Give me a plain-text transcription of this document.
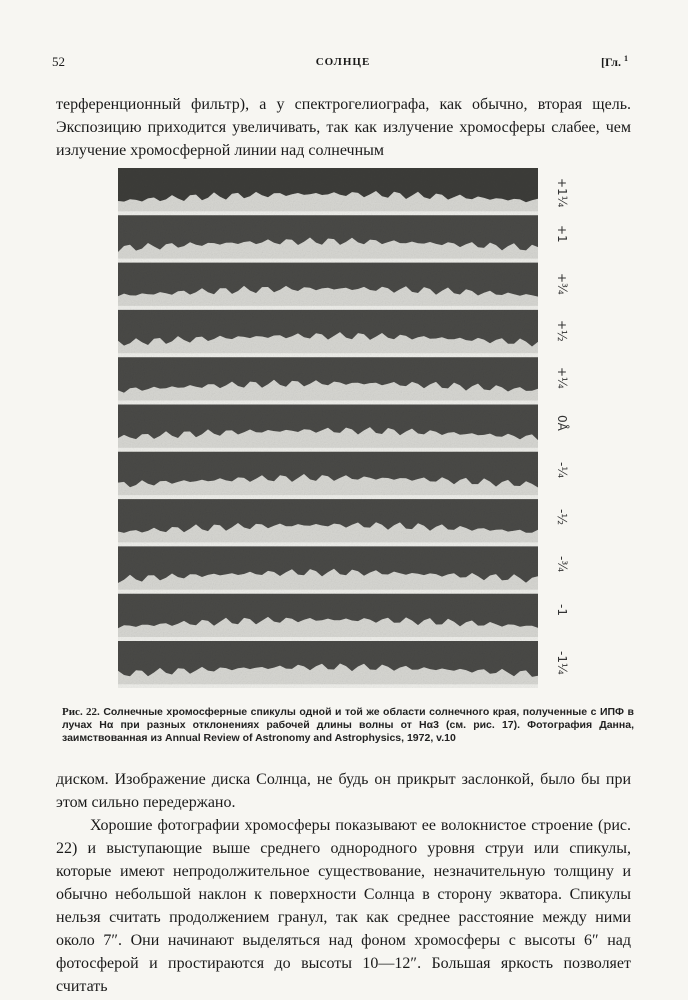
52	СОЛНЦЕ	[Гл. $^1$
терференционный фильтр), а у спектрогелиографа, как обычно, вторая щель. Экспозицию приходится увеличивать, так как излучение хромосферы слабее, чем излучение хромосферной линии над солнечным
+1¼
+1
+¾
+½
+¼
0Å
-¼
-½
-¾
-1
-1¼
Рис. 22. Солнечные хромосферные спикулы одной и той же области солнечного края, полученные с ИПФ в лучах Hα при разных отклонениях рабочей длины волны от Hα3 (см. рис. 17). Фотография Данна, заимствованная из Annual Review of Astronomy and Astrophysics, 1972, v.10
диском. Изображение диска Солнца, не будь он прикрыт заслонкой, было бы при этом сильно передержано.
Хорошие фотографии хромосферы показывают ее волокнистое строение (рис. 22) и выступающие выше среднего однородного уровня струи или спикулы, которые имеют непродолжительное существование, незначительную толщину и обычно небольшой наклон к поверхности Солнца в сторону экватора. Спикулы нельзя считать продолжением гранул, так как среднее расстояние между ними около 7″. Они начинают выделяться над фоном хромосферы с высоты 6″ над фотосферой и простираются до высоты 10—12″. Большая яркость позволяет считать
